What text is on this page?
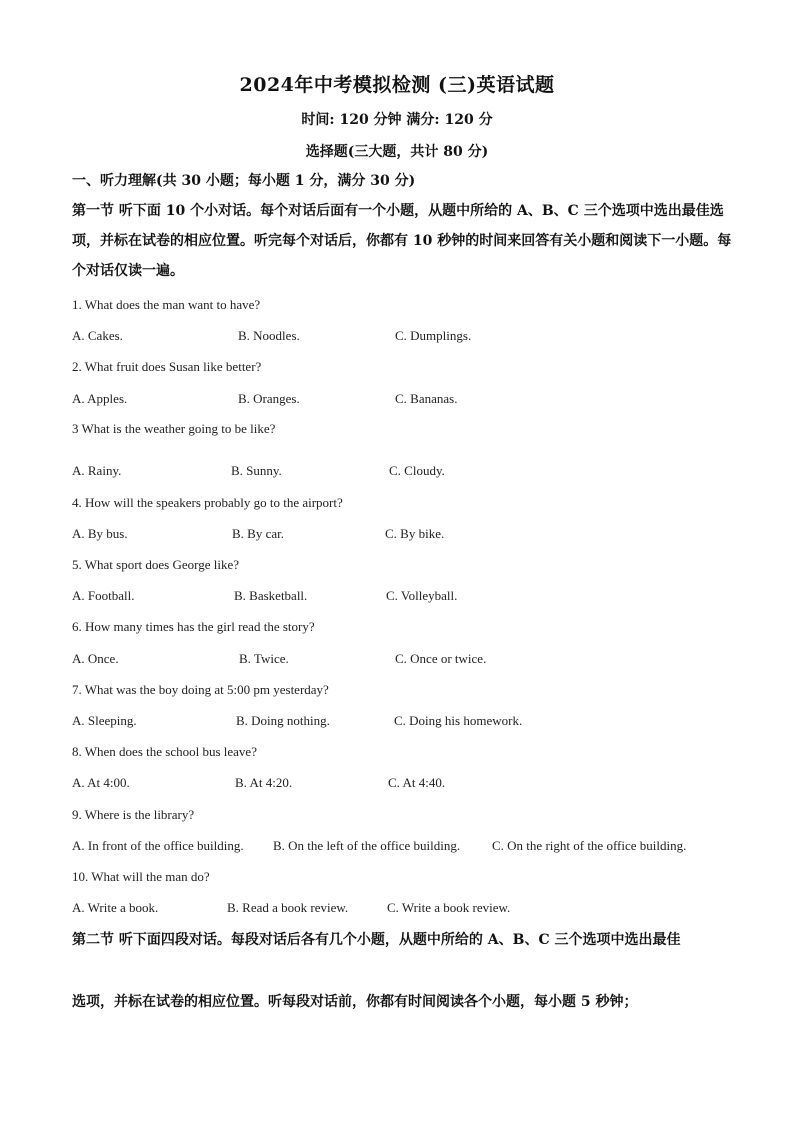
2024年中考模拟检测 (三)英语试题
时间: 120 分钟 满分: 120 分
选择题(三大题，共计 80 分)
一、听力理解(共 30 小题；每小题 1 分，满分 30 分)
第一节 听下面 10 个小对话。每个对话后面有一个小题，从题中所给的 A、B、C 三个选项中选出最佳选项，并标在试卷的相应位置。听完每个对话后，你都有 10 秒钟的时间来回答有关小题和阅读下一小题。每个对话仅读一遍。
1. What does the man want to have?
A. Cakes.	B. Noodles.	C. Dumplings.
2. What fruit does Susan like better?
A. Apples.	B. Oranges.	C. Bananas.
3 What is the weather going to be like?
A. Rainy.	B. Sunny.	C. Cloudy.
4. How will the speakers probably go to the airport?
A. By bus.	B. By car.	C. By bike.
5. What sport does George like?
A. Football.	B. Basketball.	C. Volleyball.
6. How many times has the girl read the story?
A. Once.	B. Twice.	C. Once or twice.
7. What was the boy doing at 5:00 pm yesterday?
A. Sleeping.	B. Doing nothing.	C. Doing his homework.
8. When does the school bus leave?
A. At 4:00.	B. At 4:20.	C. At 4:40.
9. Where is the library?
A. In front of the office building. B. On the left of the office building. C. On the right of the office building.
10. What will the man do?
A. Write a book.	B. Read a book review.	C. Write a book review.
第二节 听下面四段对话。每段对话后各有几个小题，从题中所给的 A、B、C 三个选项中选出最佳
选项，并标在试卷的相应位置。听每段对话前，你都有时间阅读各个小题，每小题 5 秒钟；
